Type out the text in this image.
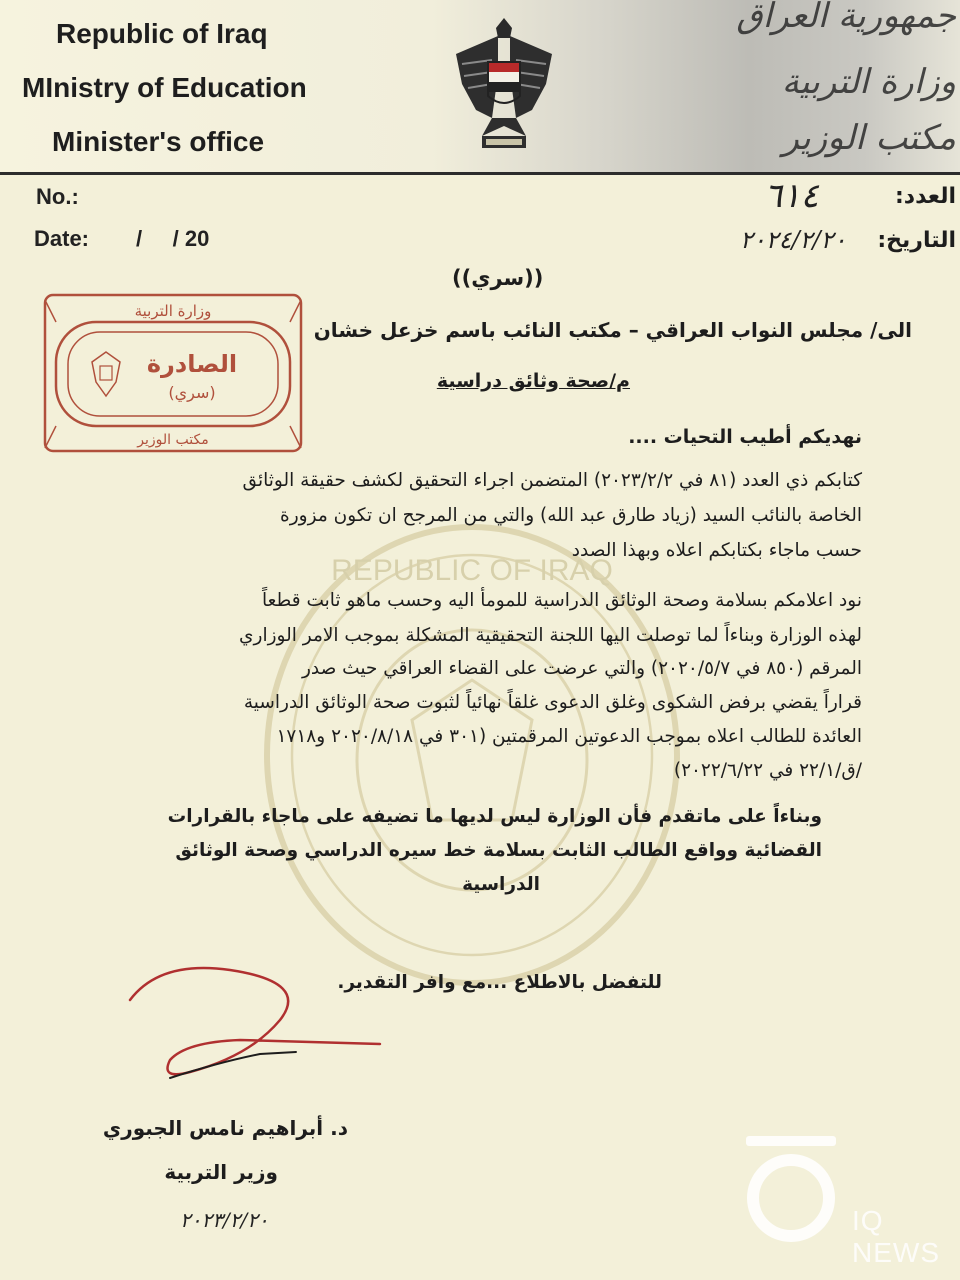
Republic of Iraq
MInistry of Education
Minister's office
جمهورية العراق
وزارة التربية
مكتب الوزير
No.:
Date: /     / 20
العدد:
٦١٤
التاريخ:
٢٠٢٤/٢/٢٠
((سري))
وزارة التربية
الصادرة
(سري)
مكتب الوزير
الى/ مجلس النواب العراقي – مكتب النائب باسم خزعل خشان
م/صحة وثائق دراسية
REPUBLIC OF IRAQ
نهديكم أطيب التحيات ....
كتابكم ذي العدد (٨١ في ٢٠٢٣/٢/٢) المتضمن اجراء التحقيق لكشف حقيقة الوثائق
الخاصة بالنائب السيد (زياد طارق عبد الله) والتي من المرجح ان تكون مزورة
حسب ماجاء بكتابكم اعلاه وبهذا الصدد
نود اعلامكم بسلامة وصحة الوثائق الدراسية للمومأ اليه وحسب ماهو ثابت قطعاً
لهذه الوزارة وبناءاً لما توصلت اليها اللجنة التحقيقية المشكلة بموجب الامر الوزاري
المرقم (٨٥٠ في ٢٠٢٠/٥/٧) والتي عرضت على القضاء العراقي حيث صدر
قراراً يقضي برفض الشكوى وغلق الدعوى غلقاً نهائياً لثبوت صحة الوثائق الدراسية
العائدة للطالب اعلاه بموجب الدعوتين المرقمتين (٣٠١ في ٢٠٢٠/٨/١٨ و١٧١٨
/ق/٢٢/١ في ٢٠٢٢/٦/٢٢)
وبناءاً على ماتقدم فأن الوزارة ليس لديها ما تضيفه على ماجاء بالقرارات
القضائية وواقع الطالب الثابت بسلامة خط سيره الدراسي وصحة الوثائق
الدراسية
للتفضل بالاطلاع ...مع وافر التقدير.
د. أبراهيم نامس الجبوري
وزير التربية
٢٠٢٣/٢/٢٠	IQ NEWS
